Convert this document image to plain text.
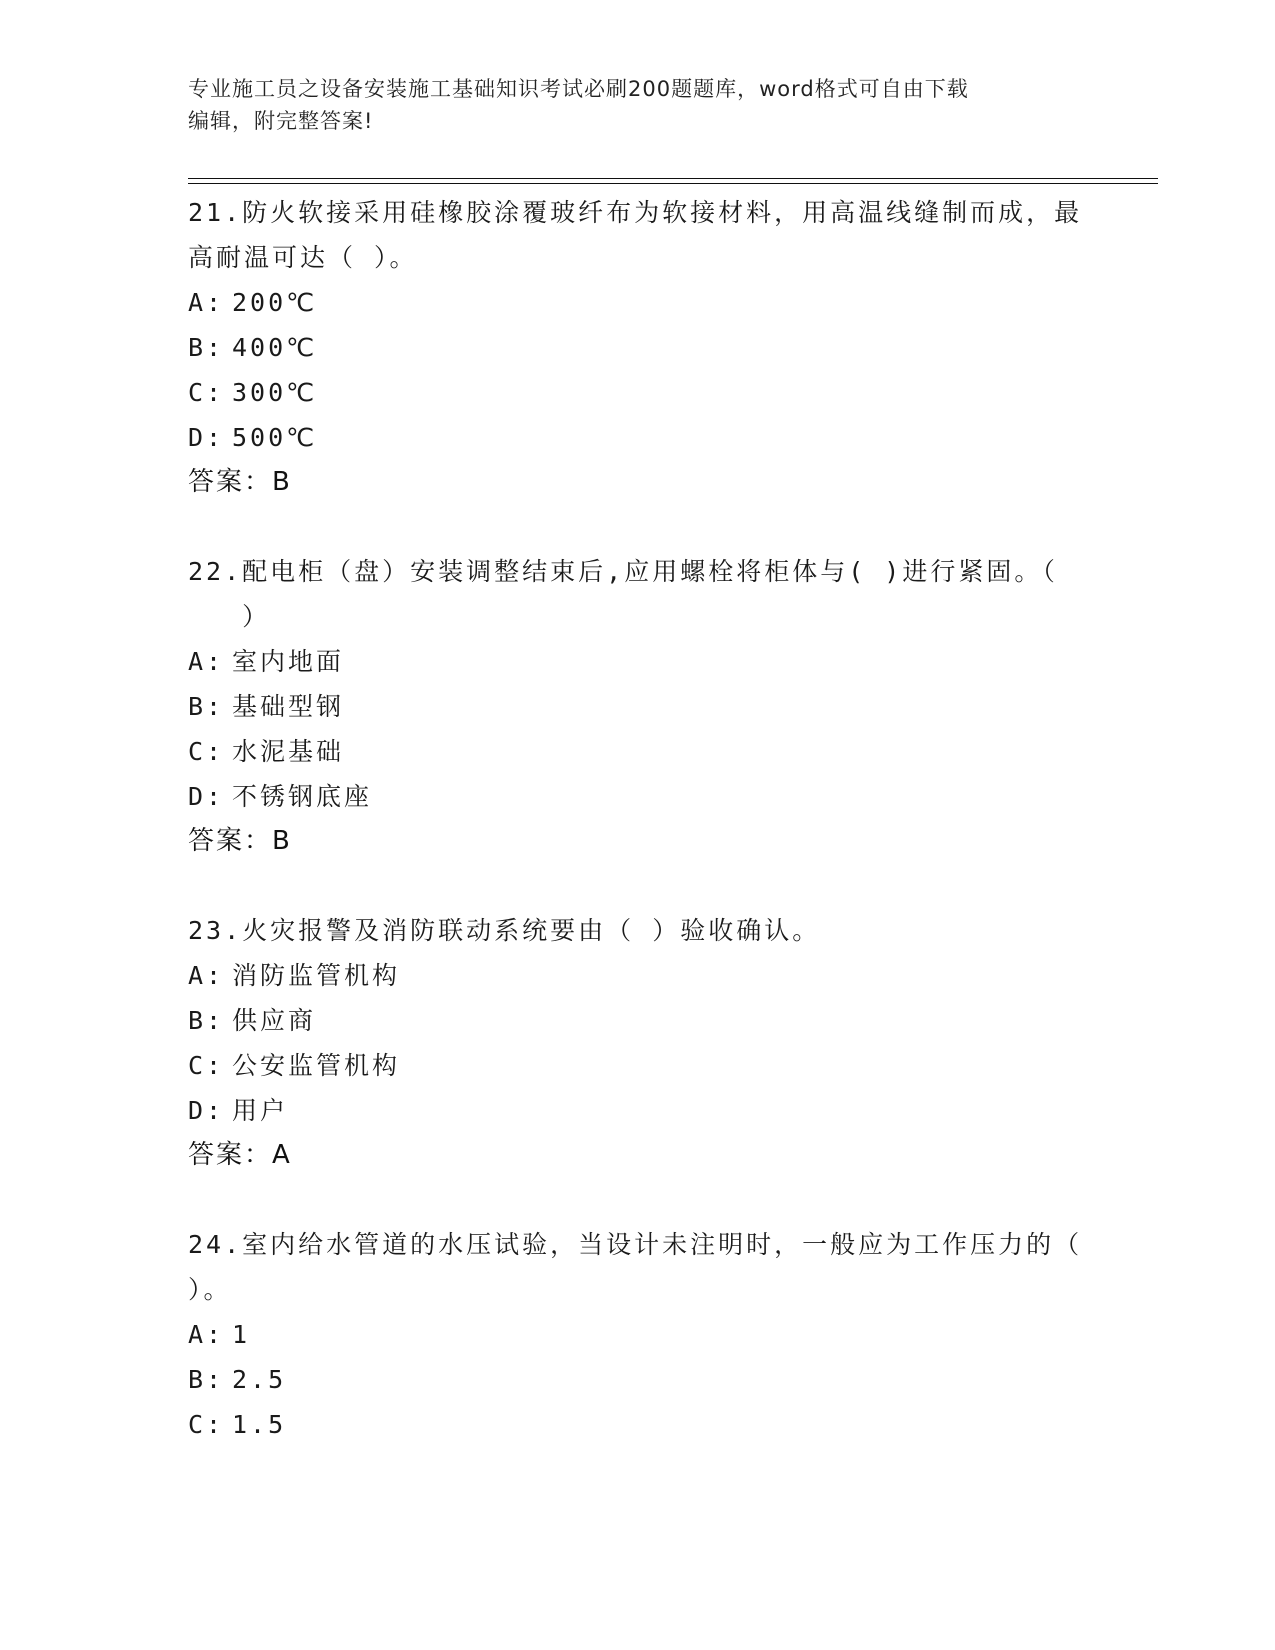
专业施工员之设备安装施工基础知识考试必刷200题题库，word格式可自由下载
编辑，附完整答案!
21.防火软接采用硅橡胶涂覆玻纤布为软接材料，用高温线缝制而成，最高耐温可达（ ）。
A: 200℃
B: 400℃
C: 300℃
D: 500℃
答案：B
22. 配电柜（盘）安装调整结束后,应用螺栓将柜体与( )进行紧固。（ ）
A: 室内地面
B: 基础型钢
C: 水泥基础
D: 不锈钢底座
答案：B
23. 火灾报警及消防联动系统要由（ ）验收确认。
A: 消防监管机构
B: 供应商
C: 公安监管机构
D: 用户
答案：A
24.室内给水管道的水压试验，当设计未注明时，一般应为工作压力的（ ）。
A: 1
B: 2.5
C: 1.5
